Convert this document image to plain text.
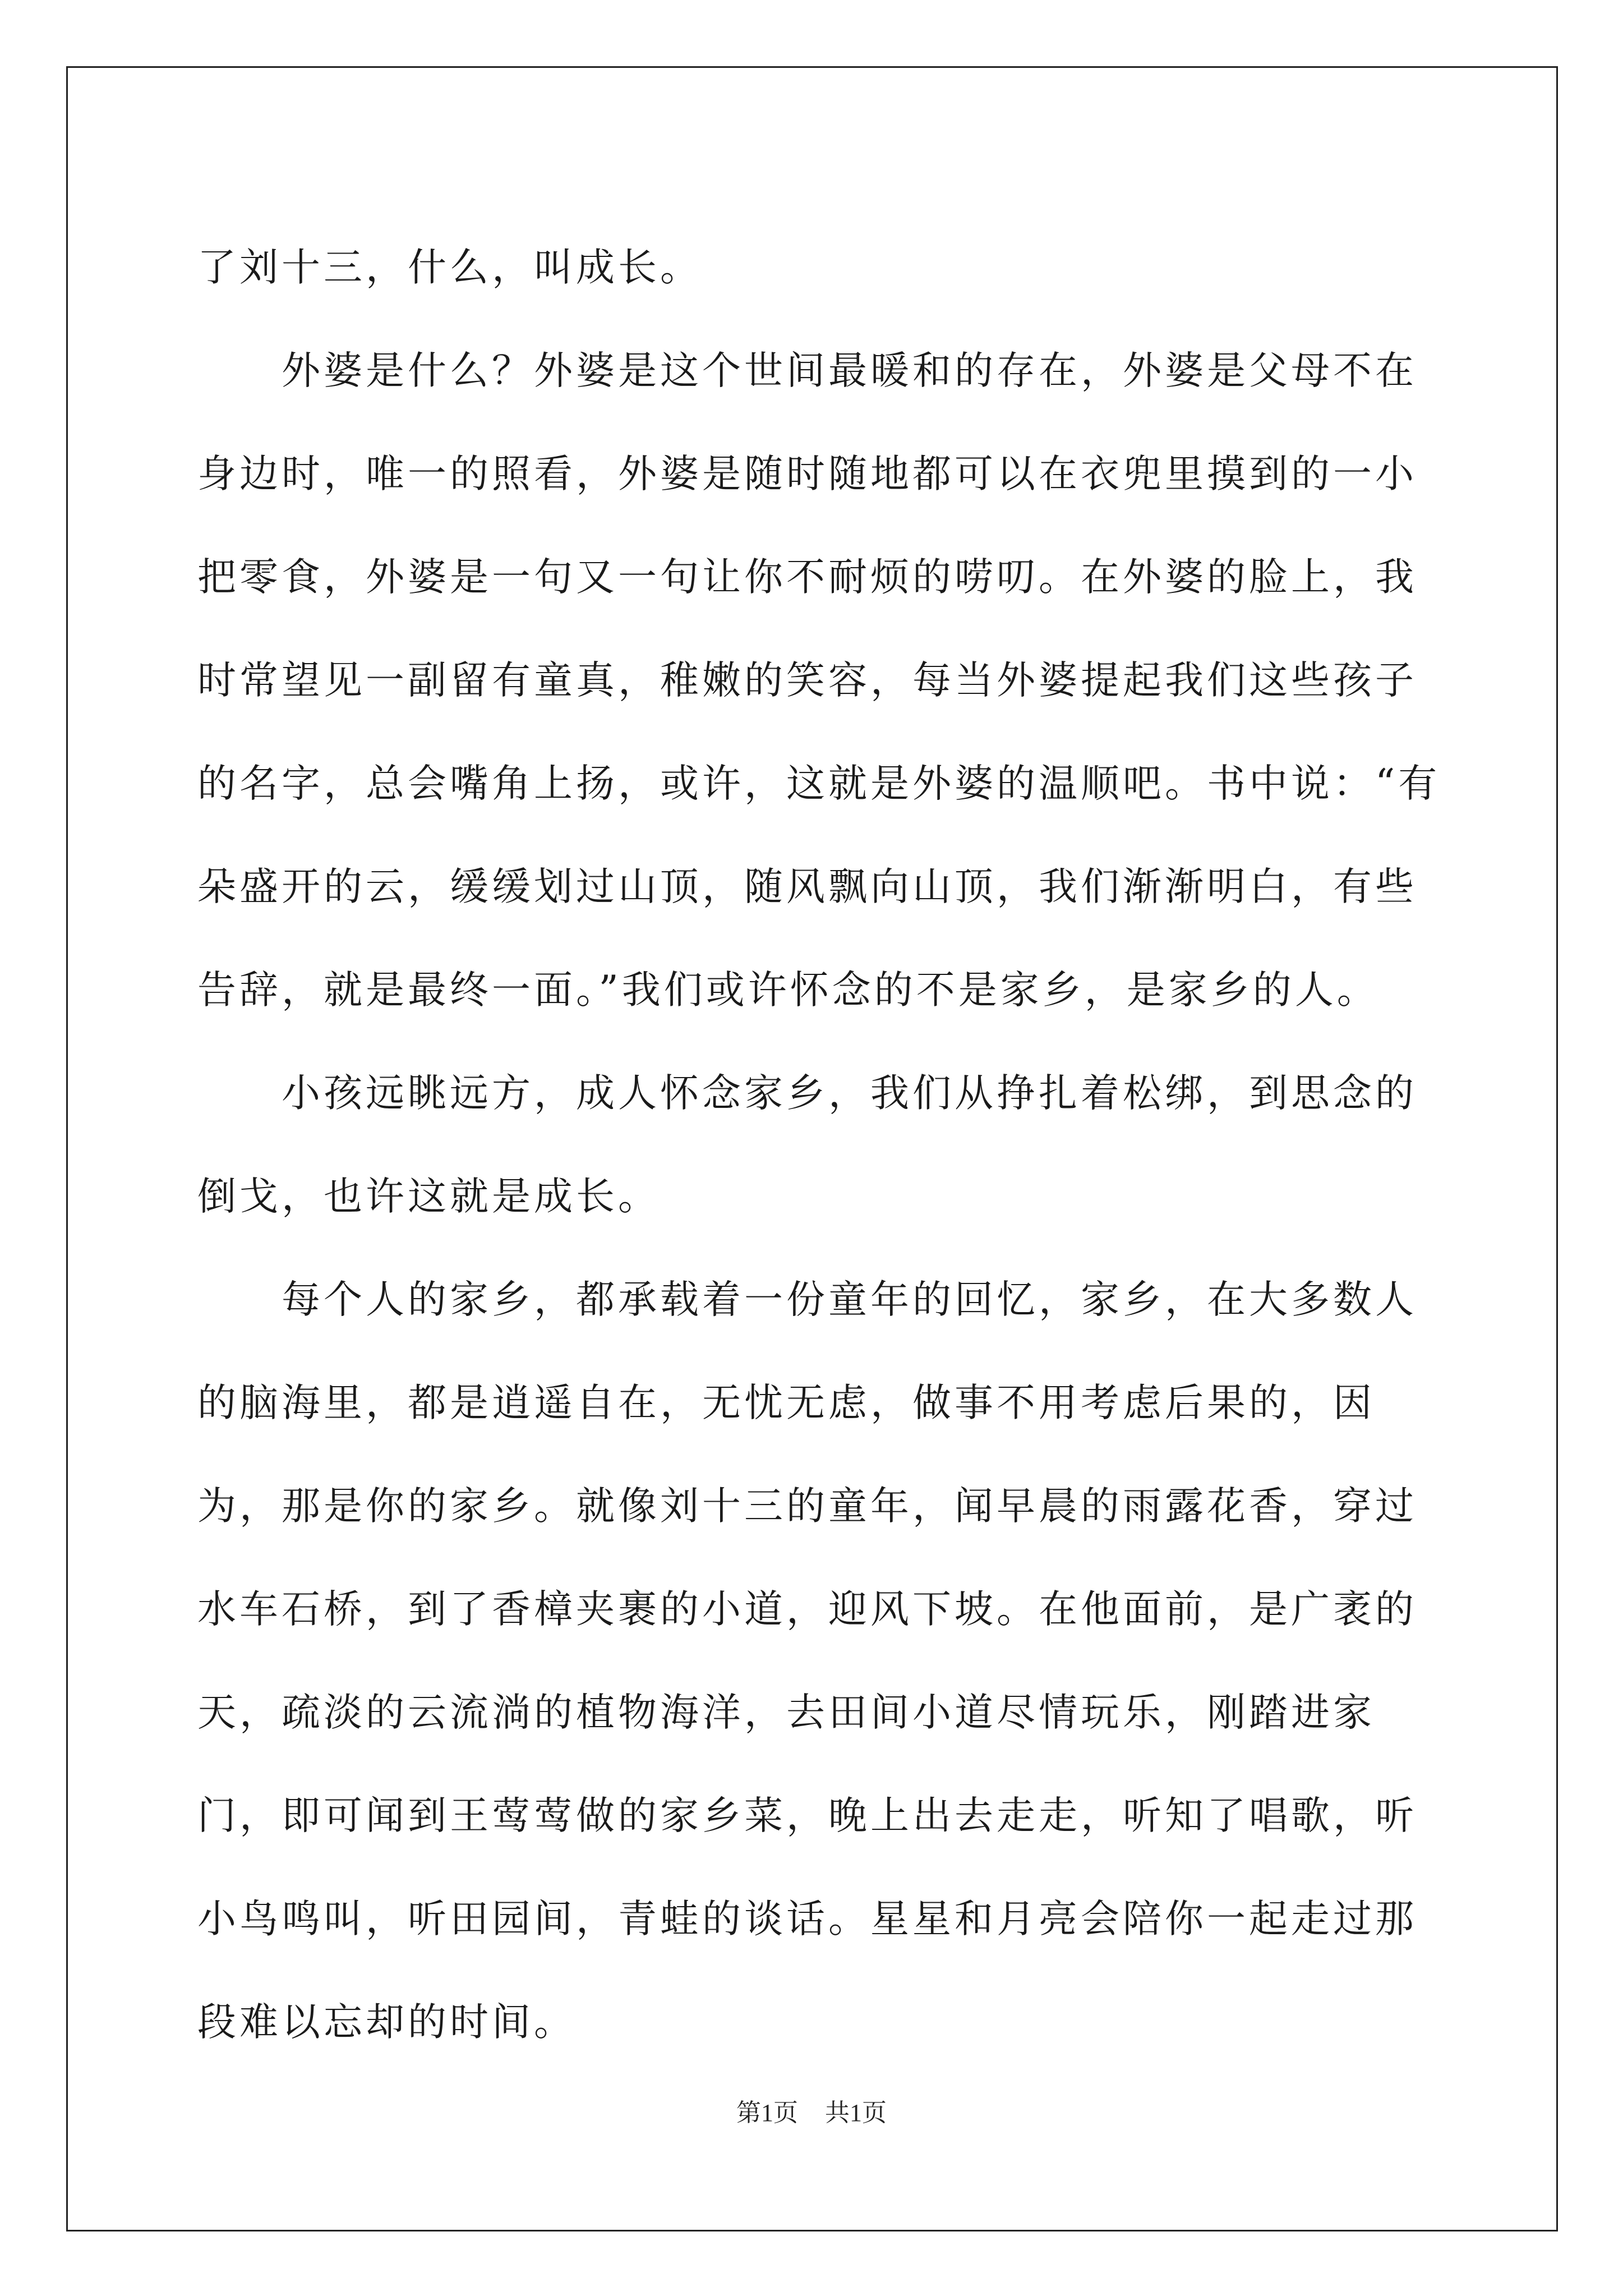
了刘十三，什么，叫成长。

外婆是什么？外婆是这个世间最暖和的存在，外婆是父母不在身边时，唯一的照看，外婆是随时随地都可以在衣兜里摸到的一小把零食，外婆是一句又一句让你不耐烦的唠叨。在外婆的脸上，我时常望见一副留有童真，稚嫩的笑容，每当外婆提起我们这些孩子的名字，总会嘴角上扬，或许，这就是外婆的温顺吧。书中说：“有朵盛开的云，缓缓划过山顶，随风飘向山顶，我们渐渐明白，有些告辞，就是最终一面。”我们或许怀念的不是家乡，是家乡的人。

小孩远眺远方，成人怀念家乡，我们从挣扎着松绑，到思念的倒戈，也许这就是成长。

每个人的家乡，都承载着一份童年的回忆，家乡，在大多数人的脑海里，都是逍遥自在，无忧无虑，做事不用考虑后果的，因为，那是你的家乡。就像刘十三的童年，闻早晨的雨露花香，穿过水车石桥，到了香樟夹裹的小道，迎风下坡。在他面前，是广袤的天，疏淡的云流淌的植物海洋，去田间小道尽情玩乐，刚踏进家门，即可闻到王莺莺做的家乡菜，晚上出去走走，听知了唱歌，听小鸟鸣叫，听田园间，青蛙的谈话。星星和月亮会陪你一起走过那段难以忘却的时间。

第1页 共1页
